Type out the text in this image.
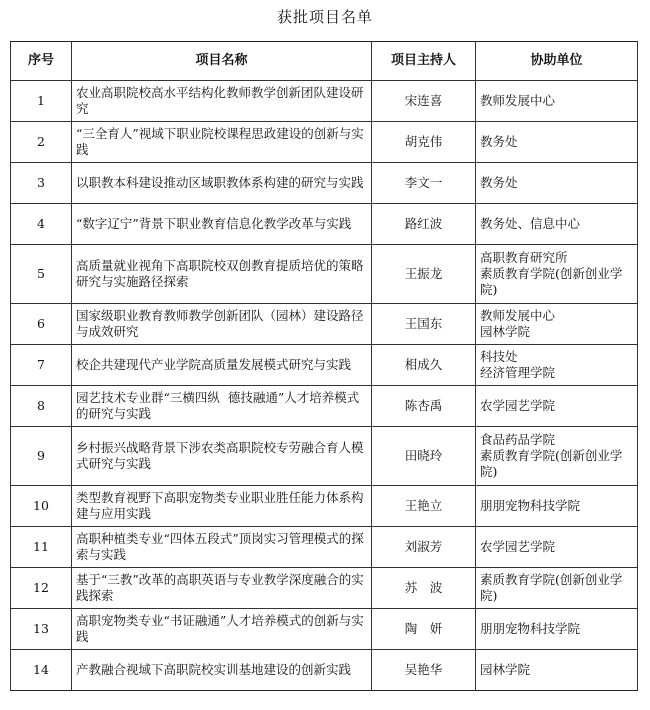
获批项目名单
序号	项目名称	项目主持人	协助单位
1	农业高职院校高水平结构化教师教学创新团队建设研究	宋连喜	教师发展中心
2	“三全育人”视域下职业院校课程思政建设的创新与实践	胡克伟	教务处
3	以职教本科建设推动区域职教体系构建的研究与实践	李文一	教务处
4	“数字辽宁”背景下职业教育信息化教学改革与实践	路红波	教务处、信息中心
5	高质量就业视角下高职院校双创教育提质培优的策略研究与实施路径探索	王振龙	高职教育研究所
素质教育学院(创新创业学院)
6	国家级职业教育教师教学创新团队（园林）建设路径与成效研究	王国东	教师发展中心
园林学院
7	校企共建现代产业学院高质量发展模式研究与实践	相成久	科技处
经济管理学院
8	园艺技术专业群“三横四纵  德技融通”人才培养模式的研究与实践	陈杏禹	农学园艺学院
9	乡村振兴战略背景下涉农类高职院校专劳融合育人模式研究与实践	田晓玲	食品药品学院
素质教育学院(创新创业学院)
10	类型教育视野下高职宠物类专业职业胜任能力体系构建与应用实践	王艳立	朋朋宠物科技学院
11	高职种植类专业“四体五段式”顶岗实习管理模式的探索与实践	刘淑芳	农学园艺学院
12	基于“三教”改革的高职英语与专业教学深度融合的实践探索	苏　波	素质教育学院(创新创业学院)
13	高职宠物类专业“书证融通”人才培养模式的创新与实践	陶　妍	朋朋宠物科技学院
14	产教融合视域下高职院校实训基地建设的创新实践	吴艳华	园林学院
